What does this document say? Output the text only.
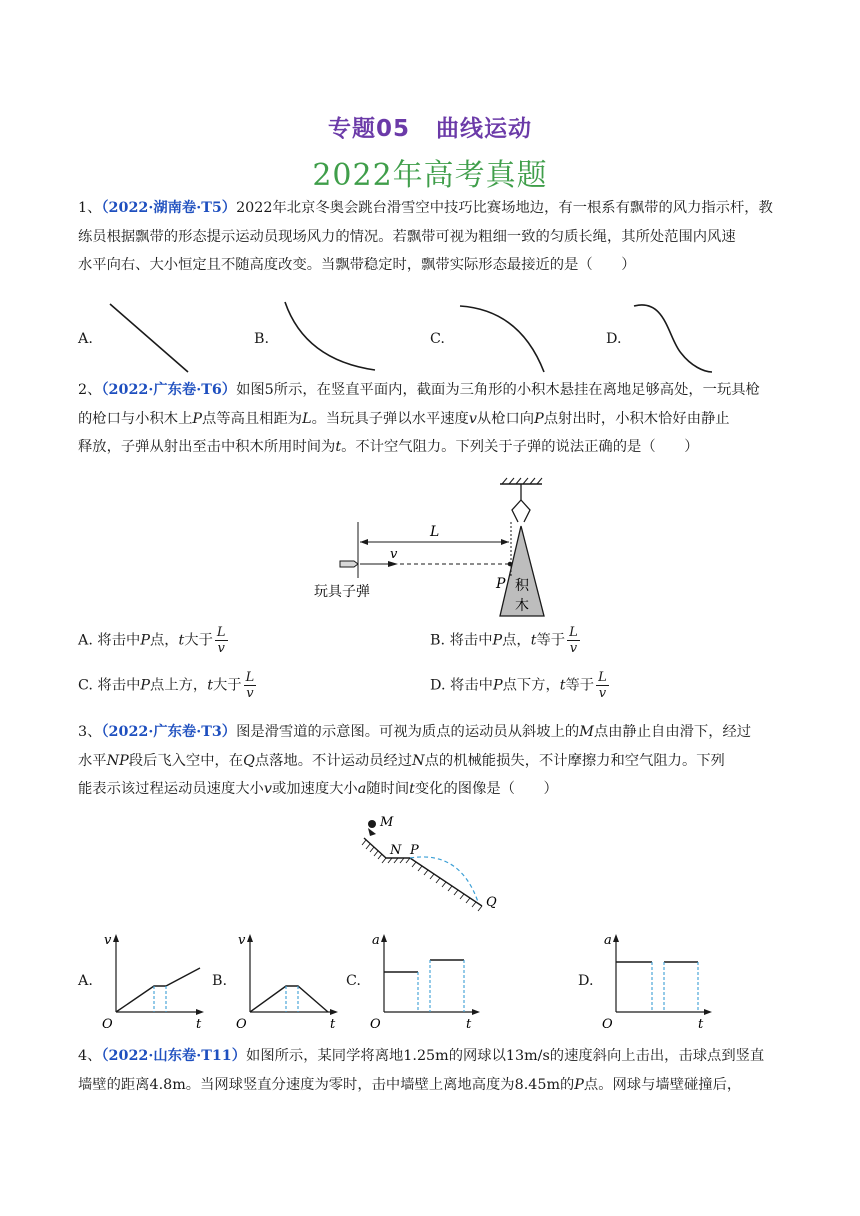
专题05 曲线运动
2022年高考真题
1、（2022·湖南卷·T5）2022年北京冬奥会跳台滑雪空中技巧比赛场地边，有一根系有飘带的风力指示杆，教
练员根据飘带的形态提示运动员现场风力的情况。若飘带可视为粗细一致的匀质长绳，其所处范围内风速
水平向右、大小恒定且不随高度改变。当飘带稳定时，飘带实际形态最接近的是（　　）
A.	B.	C.	D.
2、（2022·广东卷·T6）如图5所示，在竖直平面内，截面为三角形的小积木悬挂在离地足够高处，一玩具枪
的枪口与小积木上P点等高且相距为L。当玩具子弹以水平速度v从枪口向P点射出时，小积木恰好由静止
释放，子弹从射出至击中积木所用时间为t。不计空气阻力。下列关于子弹的说法正确的是（　　）
积
木
L
v
P
玩具子弹
A. 将击中P点，t大于 $\frac{L}{v}$	B. 将击中P点，t等于 $\frac{L}{v}$
C. 将击中P点上方，t大于 $\frac{L}{v}$	D. 将击中P点下方，t等于 $\frac{L}{v}$
3、（2022·广东卷·T3）图是滑雪道的示意图。可视为质点的运动员从斜坡上的M点由静止自由滑下，经过
水平NP段后飞入空中，在Q点落地。不计运动员经过N点的机械能损失，不计摩擦力和空气阻力。下列
能表示该过程运动员速度大小v或加速度大小a随时间t变化的图像是（　　）
M
N P
Q
A.
v
t
O
B.
v
t
O
C.
a
t
O
D.
a
t
O
4、（2022·山东卷·T11）如图所示，某同学将离地1.25m的网球以13m/s的速度斜向上击出，击球点到竖直
墙壁的距离4.8m。当网球竖直分速度为零时，击中墙壁上离地高度为8.45m的P点。网球与墙壁碰撞后，
